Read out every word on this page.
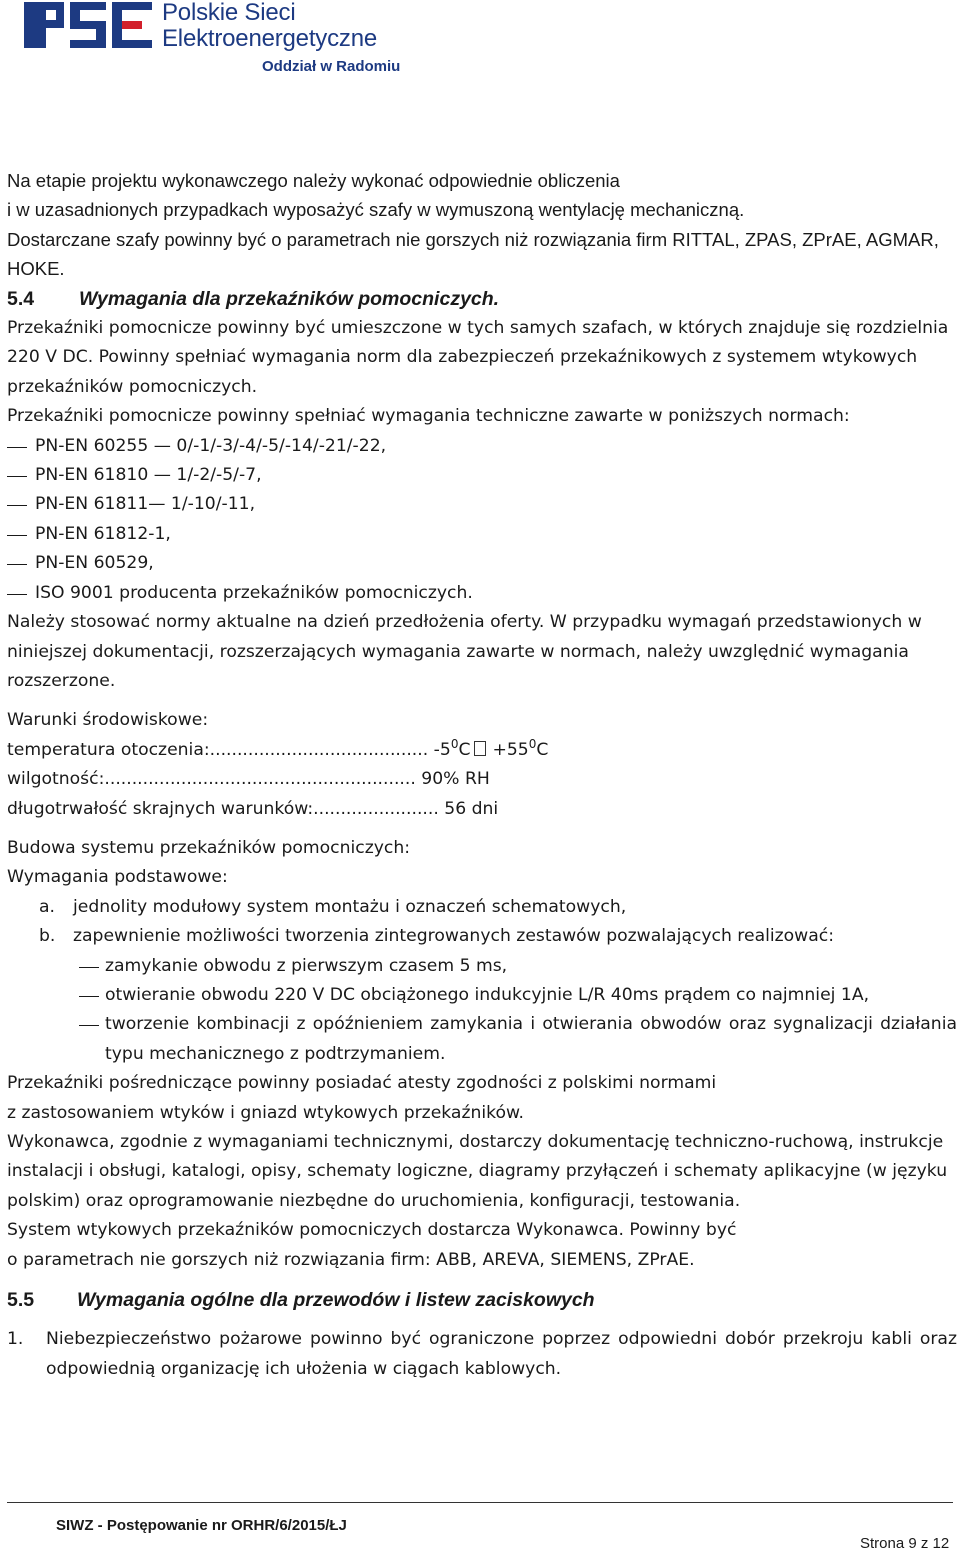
Polskie Sieci
Elektroenergetyczne
Oddział w Radomiu

Na etapie projektu wykonawczego należy wykonać odpowiednie obliczenia

i w uzasadnionych przypadkach wyposażyć szafy w wymuszoną wentylację mechaniczną.

Dostarczane szafy powinny być o parametrach nie gorszych niż rozwiązania firm RITTAL, ZPAS, ZPrAE, AGMAR, HOKE.

5.4	Wymagania dla przekaźników pomocniczych.

Przekaźniki pomocnicze powinny być umieszczone w tych samych szafach, w których znajduje się rozdzielnia 220 V DC. Powinny spełniać wymagania norm dla zabezpieczeń przekaźnikowych z systemem wtykowych przekaźników pomocniczych.

Przekaźniki pomocnicze powinny spełniać wymagania techniczne zawarte w poniższych normach:

PN-EN 60255 — 0/-1/-3/-4/-5/-14/-21/-22,
PN-EN 61810 — 1/-2/-5/-7,
PN-EN 61811— 1/-10/-11,
PN-EN 61812-1,
PN-EN 60529,
ISO 9001 producenta przekaźników pomocniczych.

Należy stosować normy aktualne na dzień przedłożenia oferty. W przypadku wymagań przedstawionych w niniejszej dokumentacji, rozszerzających wymagania zawarte w normach, należy uwzględnić wymagania rozszerzone.

Warunki środowiskowe:

temperatura otoczenia:........................................ $-5^0C +55^0C$

wilgotność:......................................................... 90% RH

długotrwałość skrajnych warunków:....................... 56 dni

Budowa systemu przekaźników pomocniczych:

Wymagania podstawowe:

a. jednolity modułowy system montażu i oznaczeń schematowych,
b. zapewnienie możliwości tworzenia zintegrowanych zestawów pozwalających realizować:
zamykanie obwodu z pierwszym czasem 5 ms,
otwieranie obwodu 220 V DC obciążonego indukcyjnie L/R 40ms prądem co najmniej 1A,
tworzenie kombinacji z opóźnieniem zamykania i otwierania obwodów oraz sygnalizacji działania typu mechanicznego z podtrzymaniem.

Przekaźniki pośredniczące powinny posiadać atesty zgodności z polskimi normami

z zastosowaniem wtyków i gniazd wtykowych przekaźników.

Wykonawca, zgodnie z wymaganiami technicznymi, dostarczy dokumentację techniczno-ruchową, instrukcje instalacji i obsługi, katalogi, opisy, schematy logiczne, diagramy przyłączeń i schematy aplikacyjne (w języku polskim) oraz oprogramowanie niezbędne do uruchomienia, konfiguracji, testowania.

System wtykowych przekaźników pomocniczych dostarcza Wykonawca. Powinny być

o parametrach nie gorszych niż rozwiązania firm: ABB, AREVA, SIEMENS, ZPrAE.

5.5	Wymagania ogólne dla przewodów i listew zaciskowych
1. Niebezpieczeństwo pożarowe powinno być ograniczone poprzez odpowiedni dobór przekroju kabli oraz odpowiednią organizację ich ułożenia w ciągach kablowych.
SIWZ - Postępowanie nr ORHR/6/2015/ŁJ
Strona 9 z 12
